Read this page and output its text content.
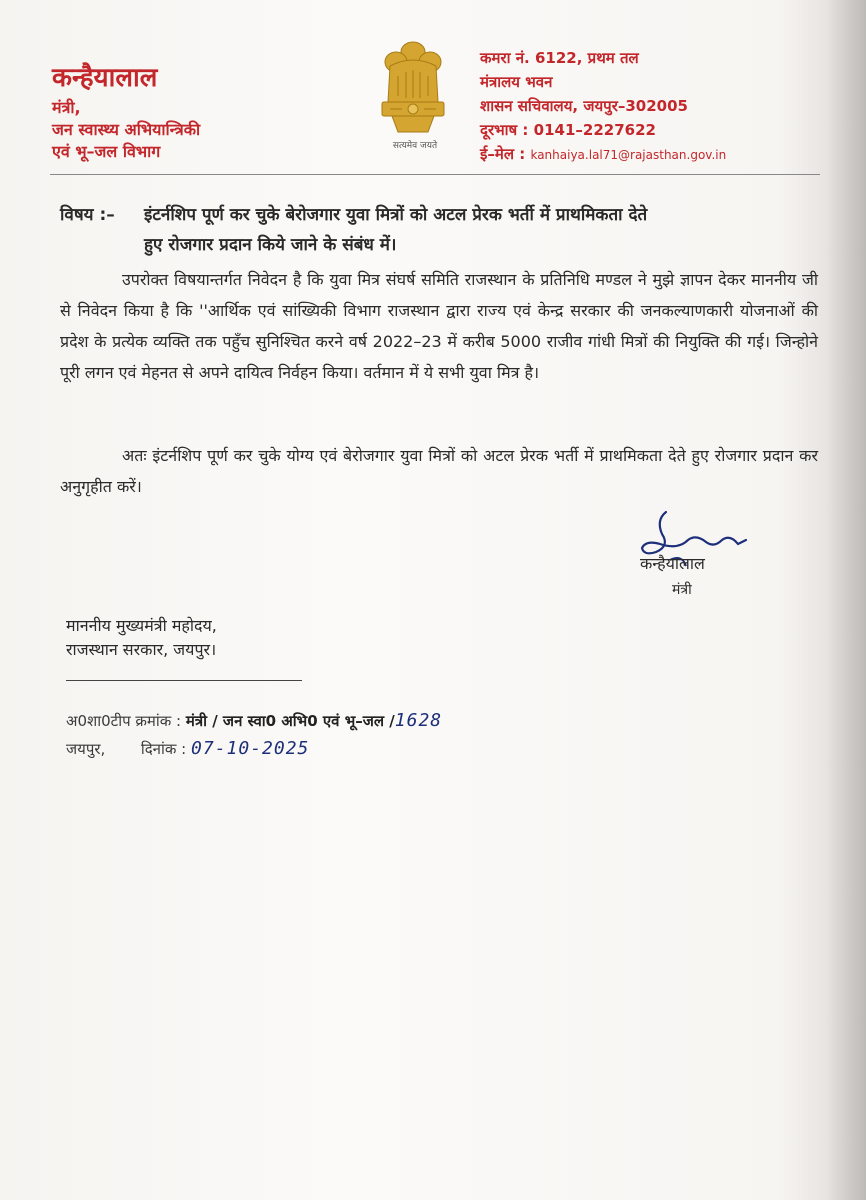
कन्हैयालाल
मंत्री,
जन स्वास्थ्य अभियान्त्रिकी
एवं भू–जल विभाग	सत्यमेव जयते
कमरा नं. 6122, प्रथम तल
मंत्रालय भवन
शासन सचिवालय, जयपुर–302005
दूरभाष : 0141–2227622
ई–मेल : kanhaiya.lal71@rajasthan.gov.in
विषय :– इंटर्नशिप पूर्ण कर चुके बेरोजगार युवा मित्रों को अटल प्रेरक भर्ती में प्राथमिकता देते
हुए रोजगार प्रदान किये जाने के संबंध में।

उपरोक्त विषयान्तर्गत निवेदन है कि युवा मित्र संघर्ष समिति राजस्थान के प्रतिनिधि मण्डल ने मुझे ज्ञापन देकर माननीय जी से निवेदन किया है कि ''आर्थिक एवं सांख्यिकी विभाग राजस्थान द्वारा राज्य एवं केन्द्र सरकार की जनकल्याणकारी योजनाओं की प्रदेश के प्रत्येक व्यक्ति तक पहुँच सुनिश्चित करने वर्ष 2022–23 में करीब 5000 राजीव गांधी मित्रों की नियुक्ति की गई। जिन्होने पूरी लगन एवं मेहनत से अपने दायित्व निर्वहन किया। वर्तमान में ये सभी युवा मित्र है।

अतः इंटर्नशिप पूर्ण कर चुके योग्य एवं बेरोजगार युवा मित्रों को अटल प्रेरक भर्ती में प्राथमिकता देते हुए रोजगार प्रदान कर अनुगृहीत करें।

कन्हैयालाल
मंत्री
माननीय मुख्यमंत्री महोदय,
राजस्थान सरकार, जयपुर।
अ0शा0टीप क्रमांक : मंत्री / जन स्वा0 अभि0 एवं भू–जल /1628
जयपुर, दिनांक : 07-10-2025
